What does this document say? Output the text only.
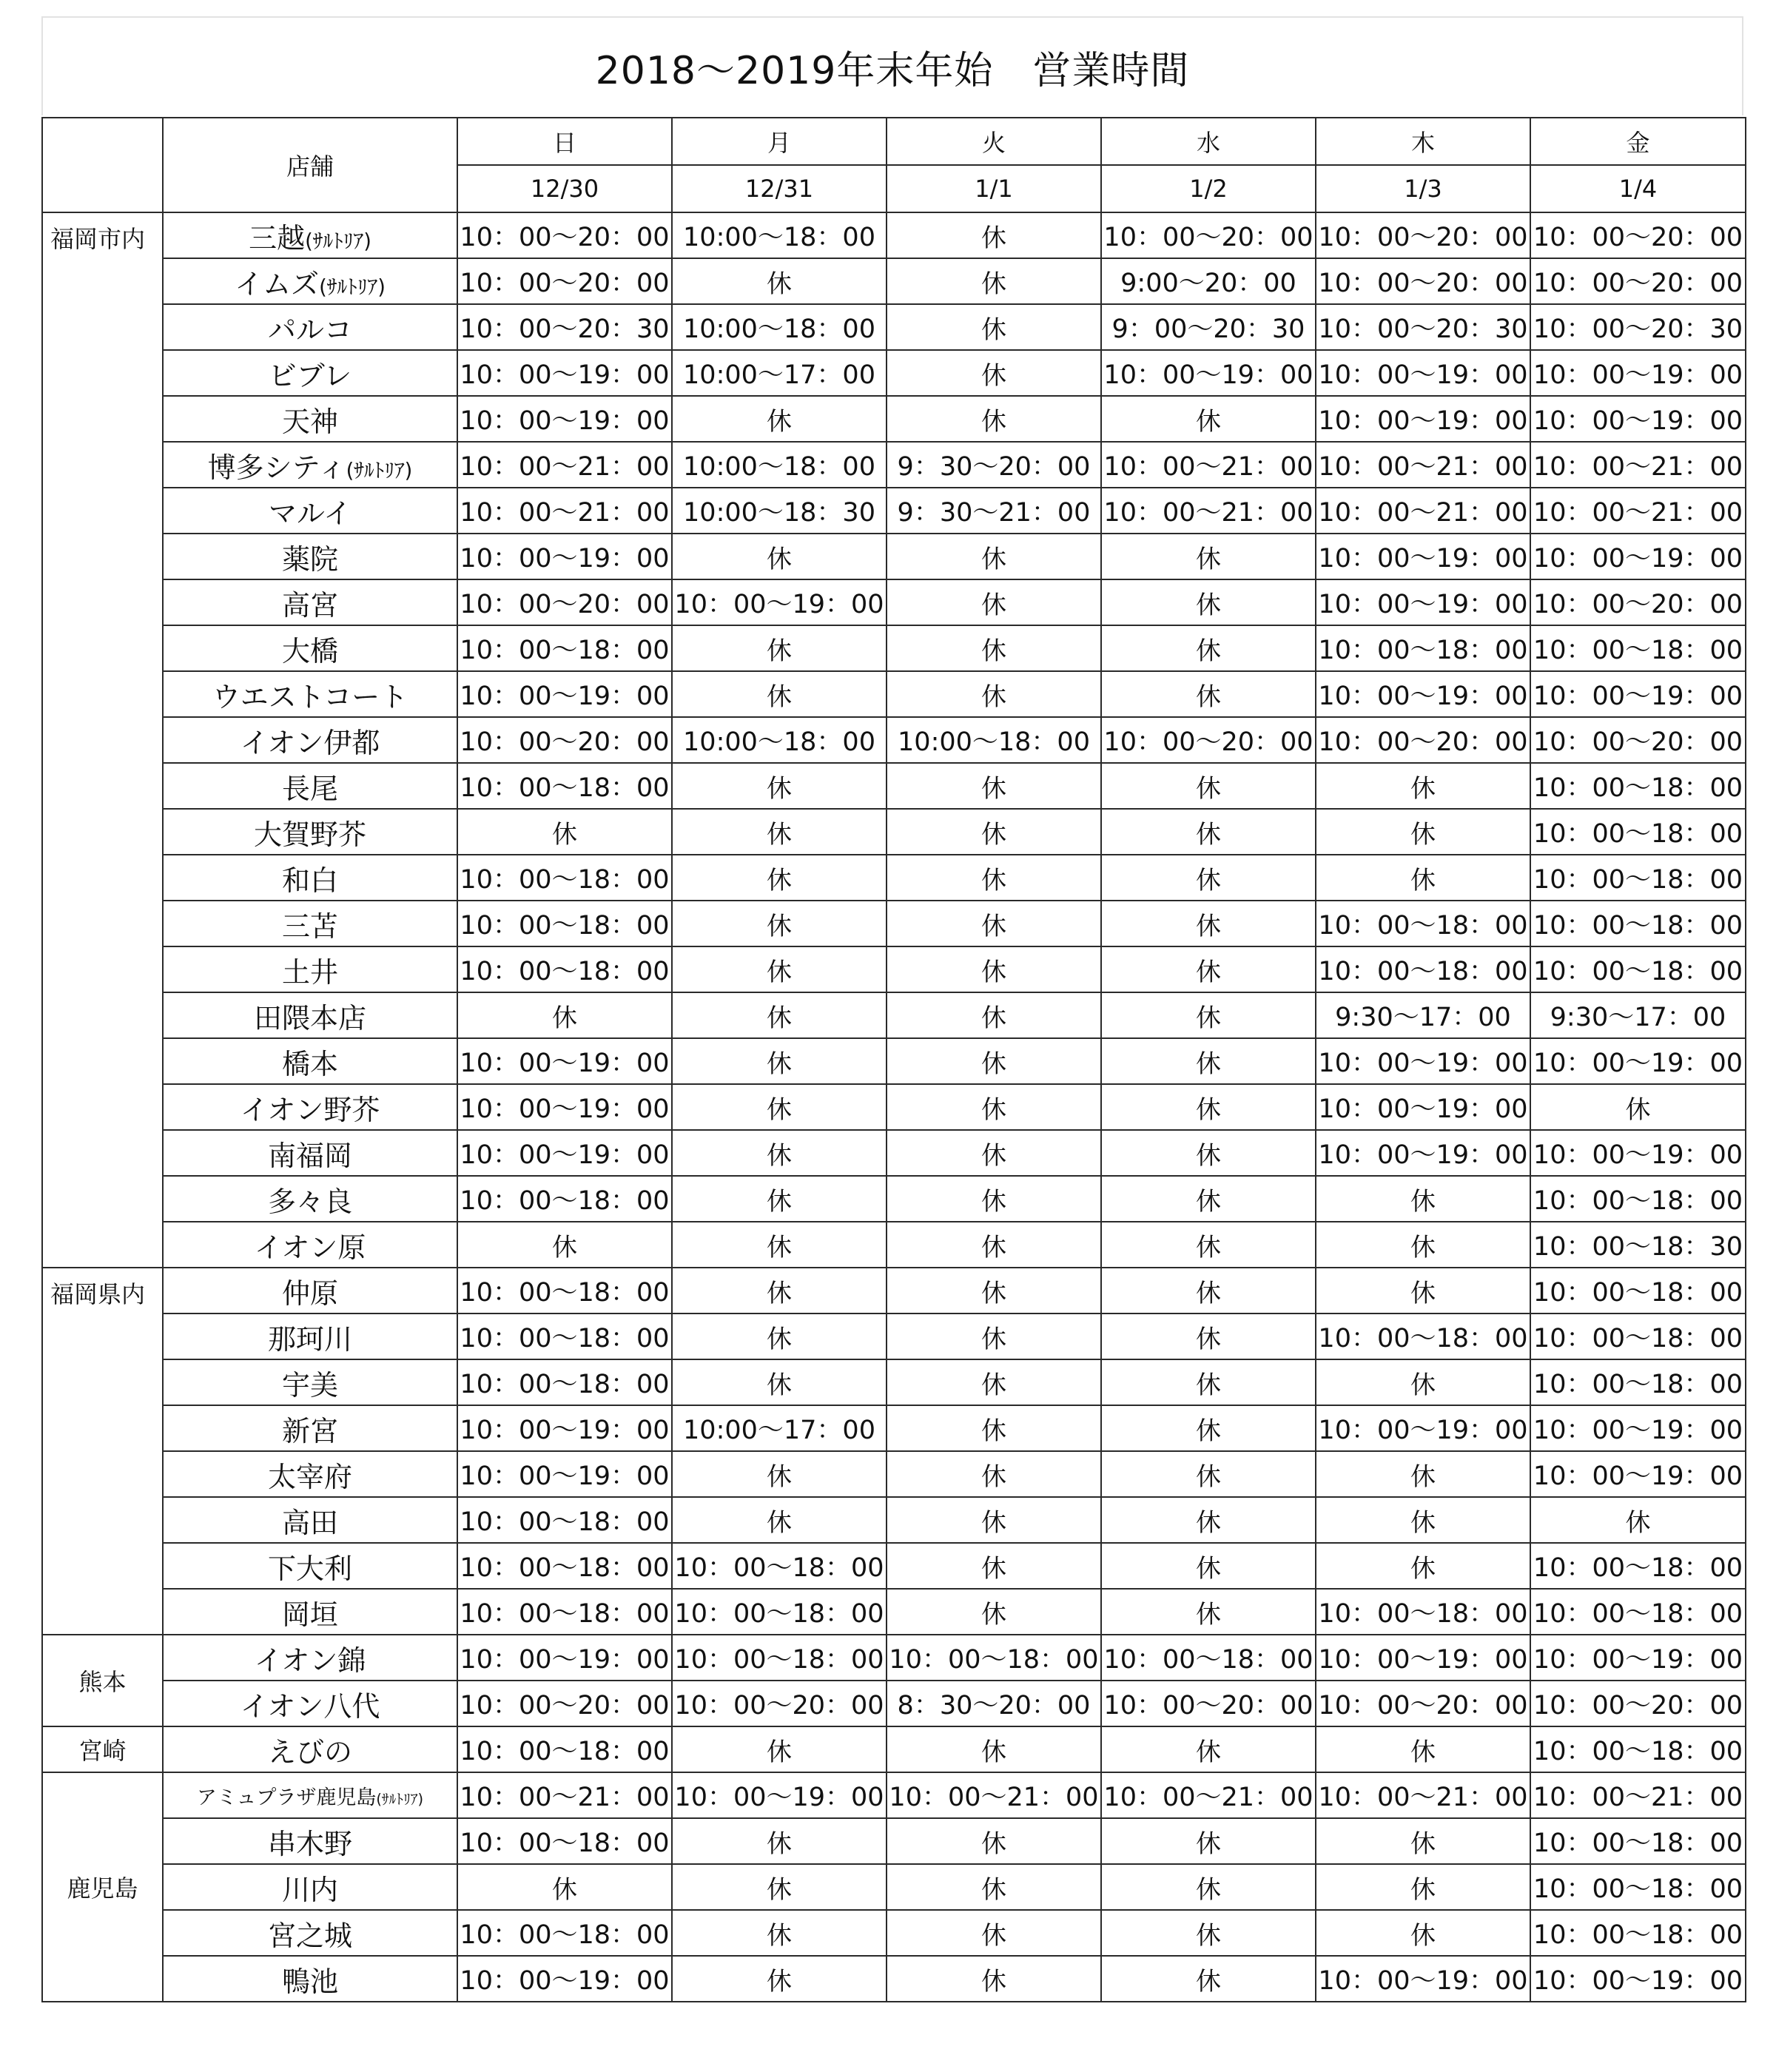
2018～2019年末年始　営業時間
	店舗	日	月	火	水	木	金
		12/30	12/31	1/1	1/2	1/3	1/4
福岡市内	三越(ｻﾙﾄﾘｱ)	10：00～20：00	10:00～18：00	休	10：00～20：00	10：00～20：00	10：00～20：00
	イムズ(ｻﾙﾄﾘｱ)	10：00～20：00	休	休	9:00～20：00	10：00～20：00	10：00～20：00
	パルコ	10：00～20：30	10:00～18：00	休	9：00～20：30	10：00～20：30	10：00～20：30
	ビブレ	10：00～19：00	10:00～17：00	休	10：00～19：00	10：00～19：00	10：00～19：00
	天神	10：00～19：00	休	休	休	10：00～19：00	10：00～19：00
	博多シティ(ｻﾙﾄﾘｱ)	10：00～21：00	10:00～18：00	9：30～20：00	10：00～21：00	10：00～21：00	10：00～21：00
	マルイ	10：00～21：00	10:00～18：30	9：30～21：00	10：00～21：00	10：00～21：00	10：00～21：00
	薬院	10：00～19：00	休	休	休	10：00～19：00	10：00～19：00
	高宮	10：00～20：00	10：00～19：00	休	休	10：00～19：00	10：00～20：00
	大橋	10：00～18：00	休	休	休	10：00～18：00	10：00～18：00
	ウエストコート	10：00～19：00	休	休	休	10：00～19：00	10：00～19：00
	イオン伊都	10：00～20：00	10:00～18：00	10:00～18：00	10：00～20：00	10：00～20：00	10：00～20：00
	長尾	10：00～18：00	休	休	休	休	10：00～18：00
	大賀野芥	休	休	休	休	休	10：00～18：00
	和白	10：00～18：00	休	休	休	休	10：00～18：00
	三苫	10：00～18：00	休	休	休	10：00～18：00	10：00～18：00
	土井	10：00～18：00	休	休	休	10：00～18：00	10：00～18：00
	田隈本店	休	休	休	休	9:30～17：00	9:30～17：00
	橋本	10：00～19：00	休	休	休	10：00～19：00	10：00～19：00
	イオン野芥	10：00～19：00	休	休	休	10：00～19：00	休
	南福岡	10：00～19：00	休	休	休	10：00～19：00	10：00～19：00
	多々良	10：00～18：00	休	休	休	休	10：00～18：00
	イオン原	休	休	休	休	休	10：00～18：30
福岡県内	仲原	10：00～18：00	休	休	休	休	10：00～18：00
	那珂川	10：00～18：00	休	休	休	10：00～18：00	10：00～18：00
	宇美	10：00～18：00	休	休	休	休	10：00～18：00
	新宮	10：00～19：00	10:00～17：00	休	休	10：00～19：00	10：00～19：00
	太宰府	10：00～19：00	休	休	休	休	10：00～19：00
	高田	10：00～18：00	休	休	休	休	休
	下大利	10：00～18：00	10：00～18：00	休	休	休	10：00～18：00
	岡垣	10：00～18：00	10：00～18：00	休	休	10：00～18：00	10：00～18：00
熊本	イオン錦	10：00～19：00	10：00～18：00	10：00～18：00	10：00～18：00	10：00～19：00	10：00～19：00
	イオン八代	10：00～20：00	10：00～20：00	8：30～20：00	10：00～20：00	10：00～20：00	10：00～20：00
宮崎	えびの	10：00～18：00	休	休	休	休	10：00～18：00
鹿児島	アミュプラザ鹿児島(ｻﾙﾄﾘｱ)	10：00～21：00	10：00～19：00	10：00～21：00	10：00～21：00	10：00～21：00	10：00～21：00
	串木野	10：00～18：00	休	休	休	休	10：00～18：00
	川内	休	休	休	休	休	10：00～18：00
	宮之城	10：00～18：00	休	休	休	休	10：00～18：00
	鴨池	10：00～19：00	休	休	休	10：00～19：00	10：00～19：00
